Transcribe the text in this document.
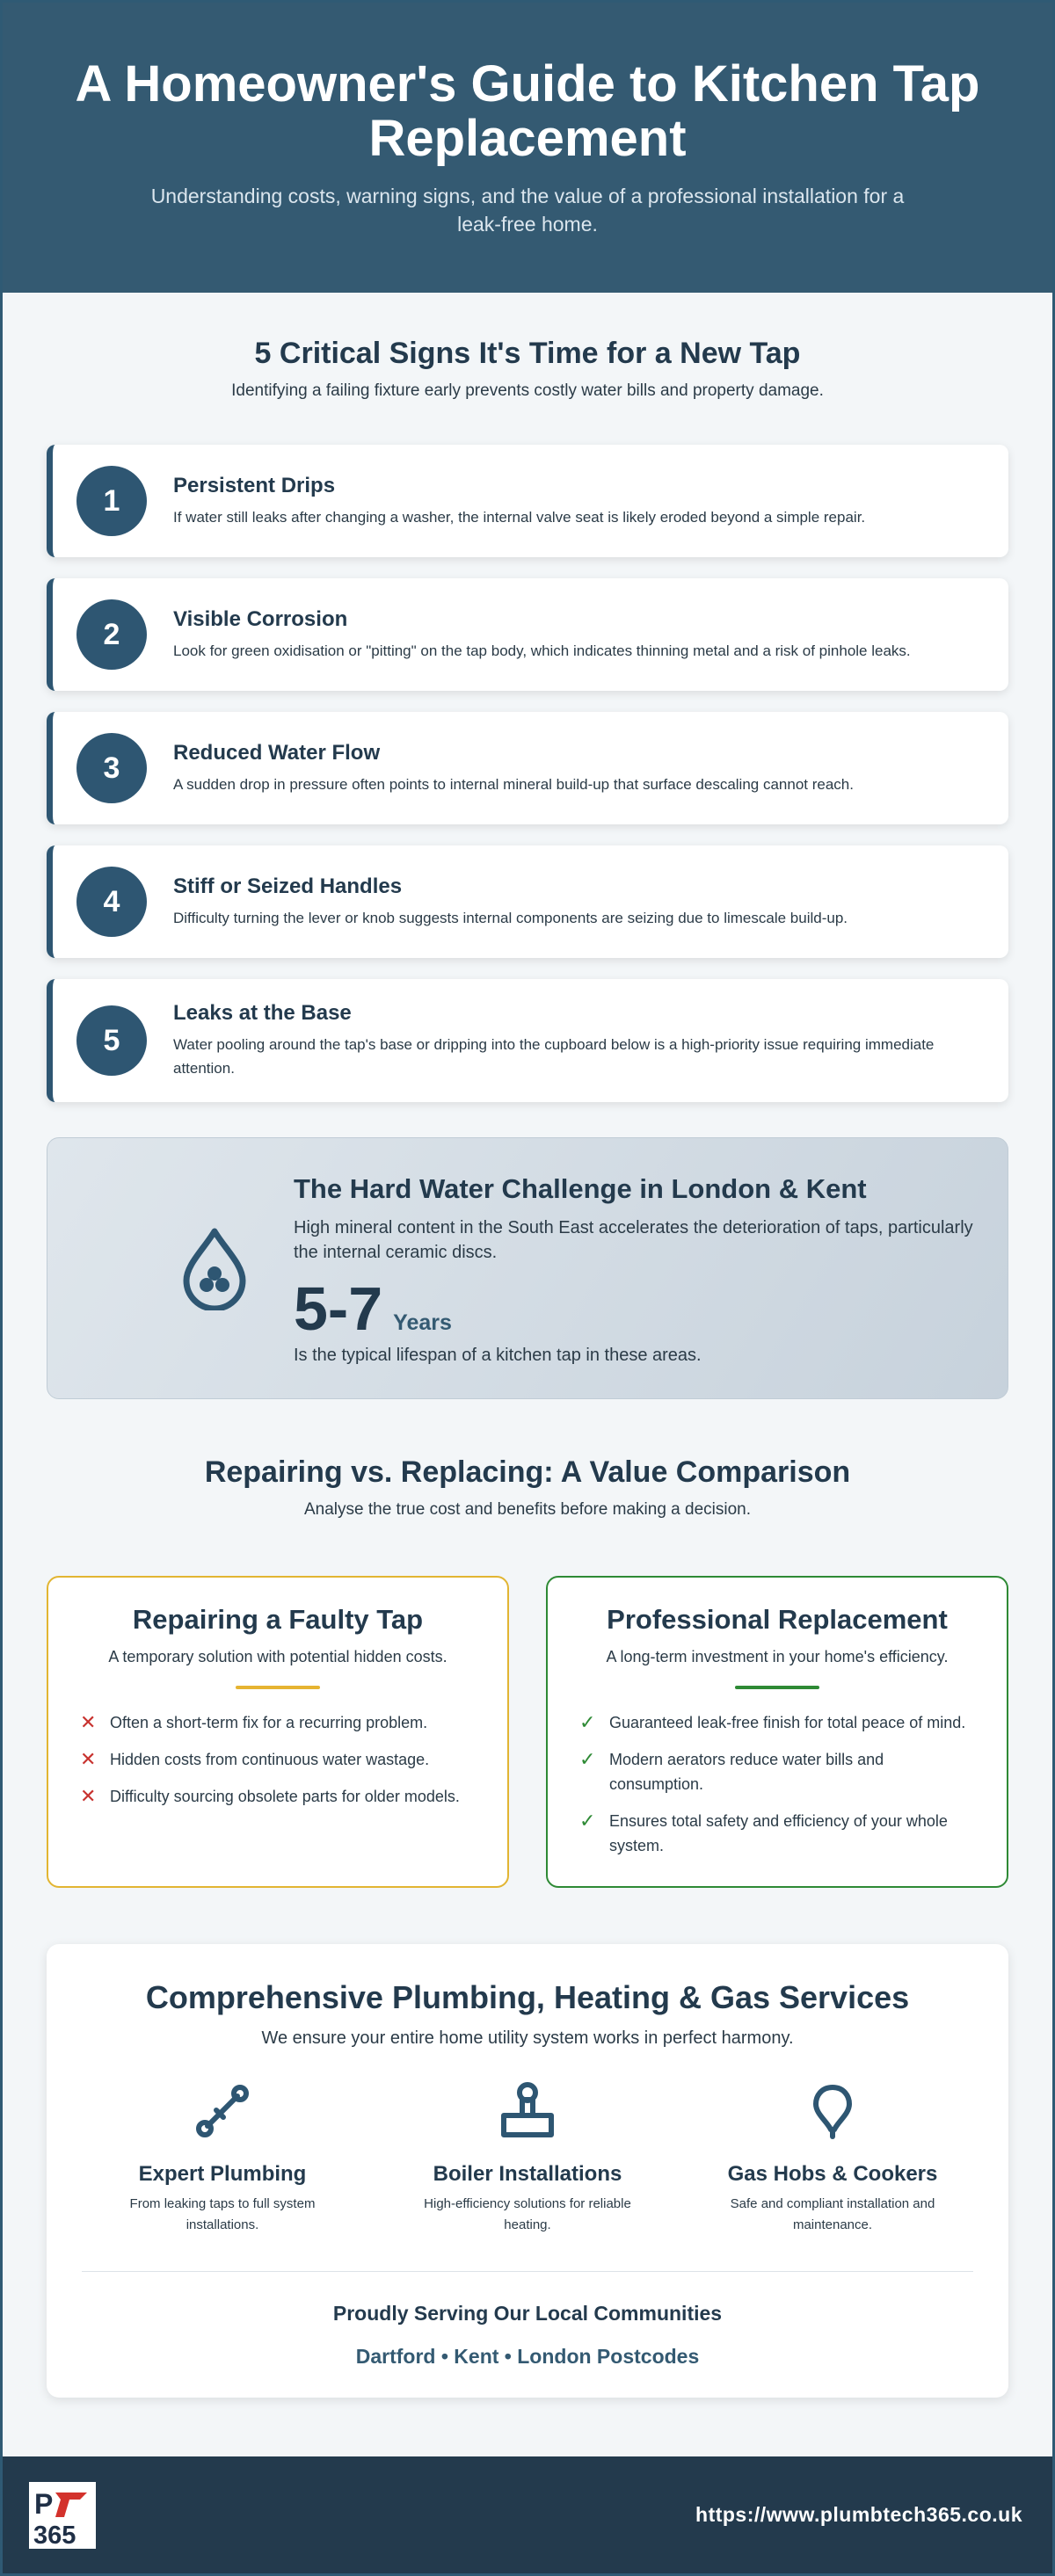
A Homeowner's Guide to Kitchen Tap Replacement

Understanding costs, warning signs, and the value of a professional installation for a leak-free home.

5 Critical Signs It's Time for a New Tap

Identifying a failing fixture early prevents costly water bills and property damage.

1	Persistent Drips

If water still leaks after changing a washer, the internal valve seat is likely eroded beyond a simple repair.

2	Visible Corrosion

Look for green oxidisation or "pitting" on the tap body, which indicates thinning metal and a risk of pinhole leaks.

3	Reduced Water Flow

A sudden drop in pressure often points to internal mineral build-up that surface descaling cannot reach.

4	Stiff or Seized Handles

Difficulty turning the lever or knob suggests internal components are seizing due to limescale build-up.

5
Leaks at the Base

Water pooling around the tap's base or dripping into the cupboard below is a high-priority issue requiring immediate attention.

The Hard Water Challenge in London & Kent

High mineral content in the South East accelerates the deterioration of taps, particularly the internal ceramic discs.

5-7 Years

Is the typical lifespan of a kitchen tap in these areas.

Repairing vs. Replacing: A Value Comparison

Analyse the true cost and benefits before making a decision.

Repairing a Faulty Tap

A temporary solution with potential hidden costs.

✕ Often a short-term fix for a recurring problem.
✕ Hidden costs from continuous water wastage.
✕ Difficulty sourcing obsolete parts for older models.
Professional Replacement

A long-term investment in your home's efficiency.

✓ Guaranteed leak-free finish for total peace of mind.
✓ Modern aerators reduce water bills and consumption.
✓ Ensures total safety and efficiency of your whole system.
Comprehensive Plumbing, Heating & Gas Services

We ensure your entire home utility system works in perfect harmony.

Expert Plumbing

From leaking taps to full system installations.

Boiler Installations

High-efficiency solutions for reliable heating.

Gas Hobs & Cookers

Safe and compliant installation and maintenance.

Proudly Serving Our Local Communities

Dartford • Kent • London Postcodes

P
365
https://www.plumbtech365.co.uk
